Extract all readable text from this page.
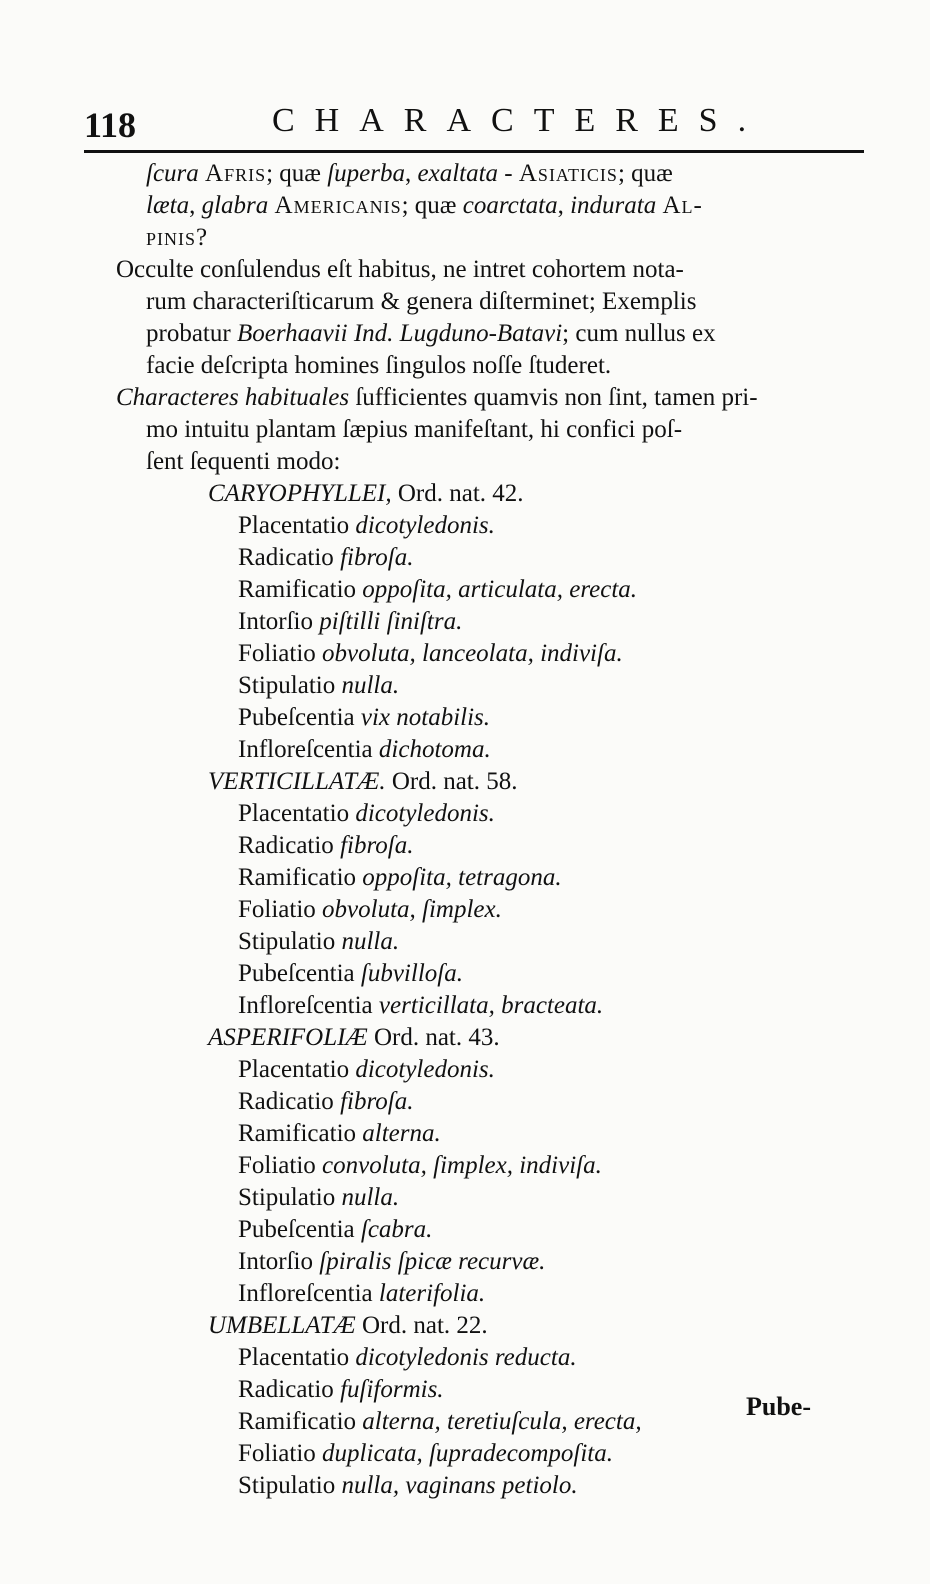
118	CHARACTERES.
ſcura Afris; quæ ſuperba, exaltata - Asiaticis; quæ
læta, glabra Americanis; quæ coarctata, indurata Al-
pinis?
Occulte conſulendus eſt habitus, ne intret cohortem nota-
rum characteriſticarum & genera diſterminet; Exemplis
probatur Boerhaavii Ind. Lugduno-Batavi; cum nullus ex
facie deſcripta homines ſingulos noſſe ſtuderet.
Characteres habituales ſufficientes quamvis non ſint, tamen pri-
mo intuitu plantam ſæpius manifeſtant, hi confici poſ-
ſent ſequenti modo:
CARYOPHYLLEI, Ord. nat. 42.
Placentatio dicotyledonis.
Radicatio fibroſa.
Ramificatio oppoſita, articulata, erecta.
Intorſio piſtilli ſiniſtra.
Foliatio obvoluta, lanceolata, indiviſa.
Stipulatio nulla.
Pubeſcentia vix notabilis.
Infloreſcentia dichotoma.
VERTICILLATÆ. Ord. nat. 58.
Placentatio dicotyledonis.
Radicatio fibroſa.
Ramificatio oppoſita, tetragona.
Foliatio obvoluta, ſimplex.
Stipulatio nulla.
Pubeſcentia ſubvilloſa.
Infloreſcentia verticillata, bracteata.
ASPERIFOLIÆ Ord. nat. 43.
Placentatio dicotyledonis.
Radicatio fibroſa.
Ramificatio alterna.
Foliatio convoluta, ſimplex, indiviſa.
Stipulatio nulla.
Pubeſcentia ſcabra.
Intorſio ſpiralis ſpicæ recurvæ.
Infloreſcentia laterifolia.
UMBELLATÆ Ord. nat. 22.
Placentatio dicotyledonis reducta.
Radicatio fuſiformis.
Ramificatio alterna, teretiuſcula, erecta,
Foliatio duplicata, ſupradecompoſita.
Stipulatio nulla, vaginans petiolo.
Pube-
